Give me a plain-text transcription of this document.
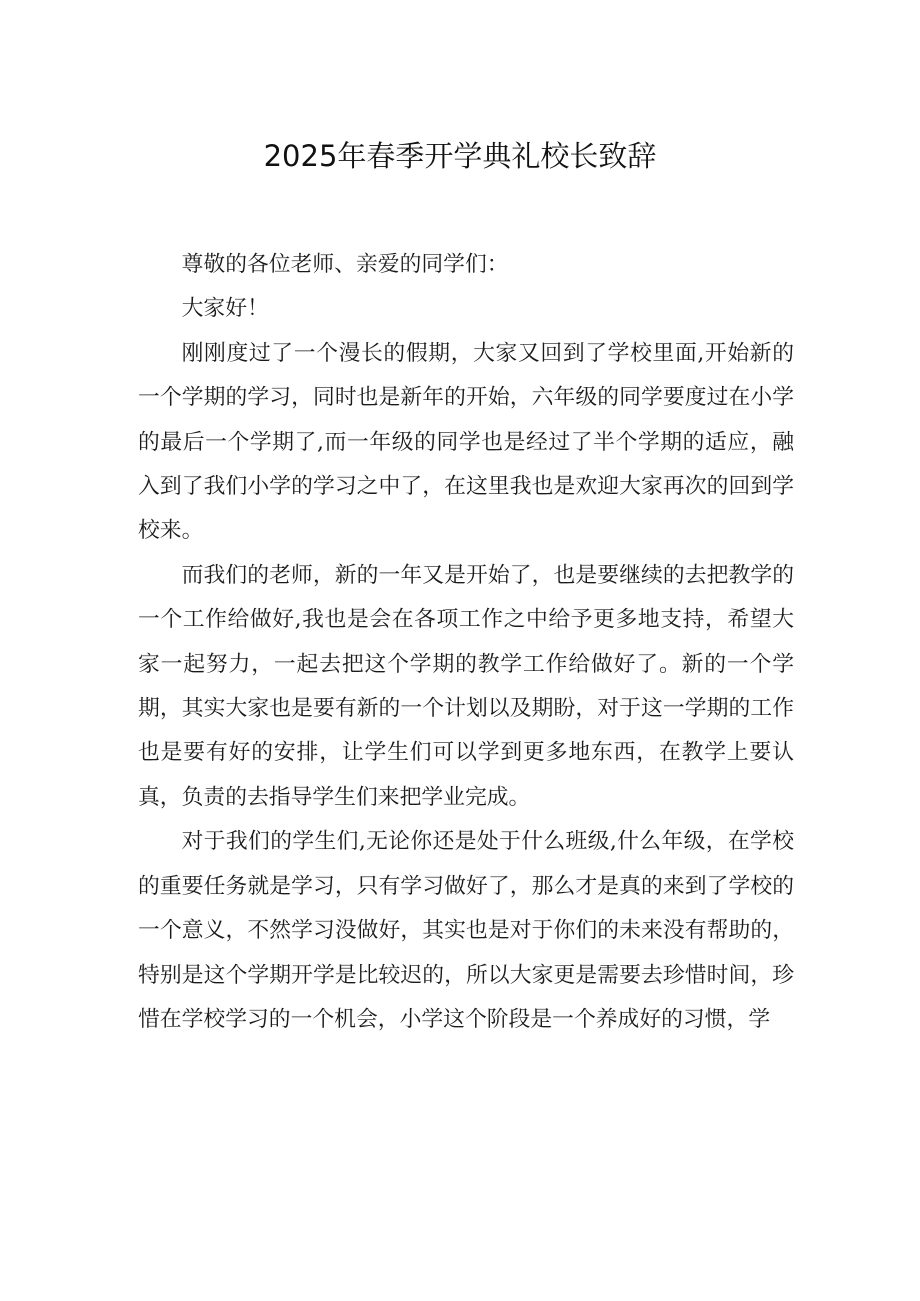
2025年春季开学典礼校长致辞

尊敬的各位老师、亲爱的同学们：

大家好！

刚刚度过了一个漫长的假期，大家又回到了学校里面,开始新的一个学期的学习，同时也是新年的开始，六年级的同学要度过在小学的最后一个学期了,而一年级的同学也是经过了半个学期的适应，融入到了我们小学的学习之中了，在这里我也是欢迎大家再次的回到学校来。

而我们的老师，新的一年又是开始了，也是要继续的去把教学的一个工作给做好,我也是会在各项工作之中给予更多地支持，希望大家一起努力，一起去把这个学期的教学工作给做好了。新的一个学期，其实大家也是要有新的一个计划以及期盼，对于这一学期的工作也是要有好的安排，让学生们可以学到更多地东西，在教学上要认真，负责的去指导学生们来把学业完成。

对于我们的学生们,无论你还是处于什么班级,什么年级，在学校的重要任务就是学习，只有学习做好了，那么才是真的来到了学校的一个意义，不然学习没做好，其实也是对于你们的未来没有帮助的，特别是这个学期开学是比较迟的，所以大家更是需要去珍惜时间，珍惜在学校学习的一个机会，小学这个阶段是一个养成好的习惯，学
